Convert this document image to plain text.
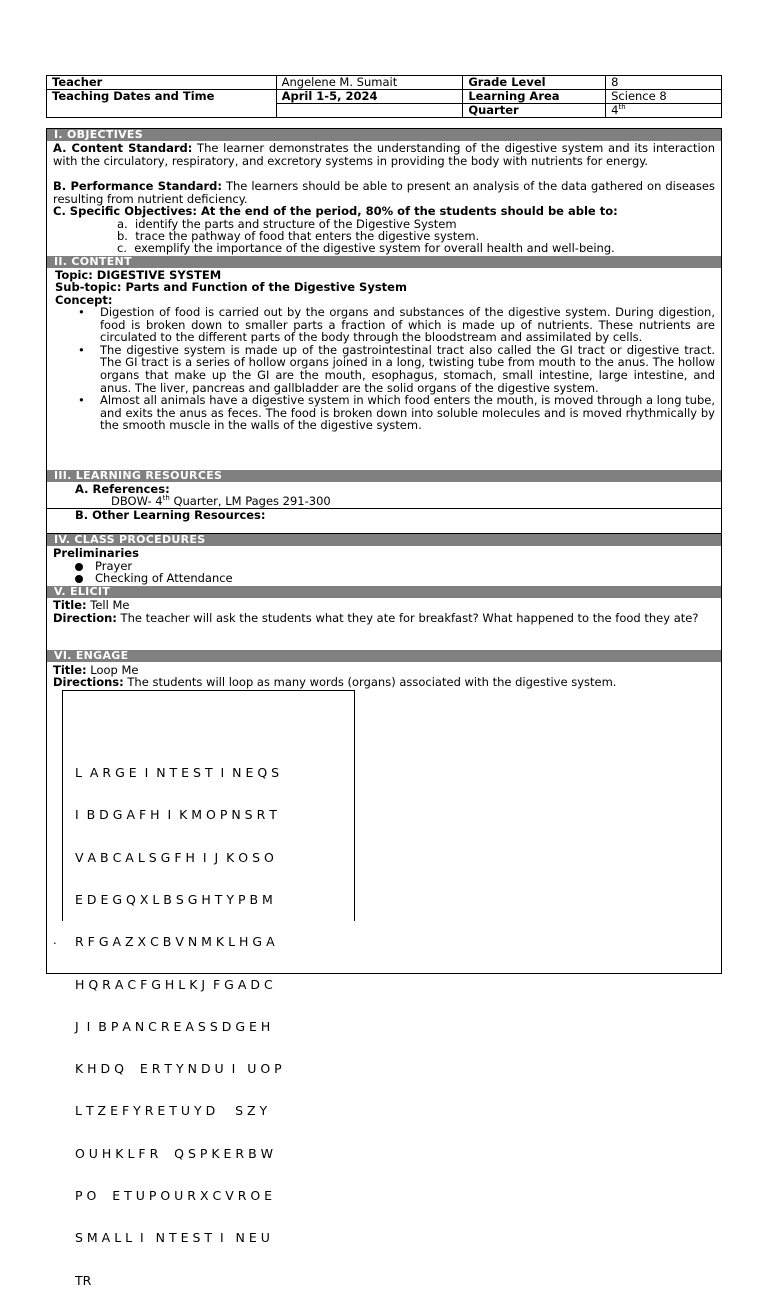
Teacher	Angelene M. Sumait	Grade Level	8
Teaching Dates and Time	April 1-5, 2024	Learning Area	Science 8
		Quarter	4th
I. OBJECTIVES
A. Content Standard: The learner demonstrates the understanding of the digestive system and its interaction with the circulatory, respiratory, and excretory systems in providing the body with nutrients for energy.
B. Performance Standard: The learners should be able to present an analysis of the data gathered on diseases resulting from nutrient deficiency.
C. Specific Objectives: At the end of the period, 80% of the students should be able to:
a. identify the parts and structure of the Digestive System
b. trace the pathway of food that enters the digestive system.
c. exemplify the importance of the digestive system for overall health and well-being.
II. CONTENT
Topic: DIGESTIVE SYSTEM
Sub-topic: Parts and Function of the Digestive System
Concept:
• Digestion of food is carried out by the organs and substances of the digestive system. During digestion, food is broken down to smaller parts a fraction of which is made up of nutrients. These nutrients are circulated to the different parts of the body through the bloodstream and assimilated by cells.
• The digestive system is made up of the gastrointestinal tract also called the GI tract or digestive tract. The GI tract is a series of hollow organs joined in a long, twisting tube from mouth to the anus. The hollow organs that make up the GI are the mouth, esophagus, stomach, small intestine, large intestine, and anus. The liver, pancreas and gallbladder are the solid organs of the digestive system.
• Almost all animals have a digestive system in which food enters the mouth, is moved through a long tube, and exits the anus as feces. The food is broken down into soluble molecules and is moved rhythmically by the smooth muscle in the walls of the digestive system.
III. LEARNING RESOURCES
A. References:
DBOW- 4th Quarter, LM Pages 291-300
B. Other Learning Resources:
IV. CLASS PROCEDURES
Preliminaries
Prayer
Checking of Attendance
V. ELICIT
Title: Tell Me
Direction: The teacher will ask the students what they ate for breakfast? What happened to the food they ate?
VI. ENGAGE
Title: Loop Me
Directions: The students will loop as many words (organs) associated with the digestive system.
.

L  A R G E  I  N T E S T  I  N E Q S

I  B D G A F H  I  K M O P N S R T

V A B C A L S G F H  I  J  K O S O

E D E G Q X L B S G H T Y P B M

R F G A Z X C B V N M K L H G A

H Q R A C F G H L K J  F G A D C

J  I  B P A N C R E A S S D G E H

K H D Q    E R T Y N D U  I   U O P

L T Z E F Y R E T U Y D     S Z Y

O U H K L F R    Q S P K E R B W

P O    E T U P O U R X C V R O E

S M A L L  I   N T E S T  I   N E U

TR
